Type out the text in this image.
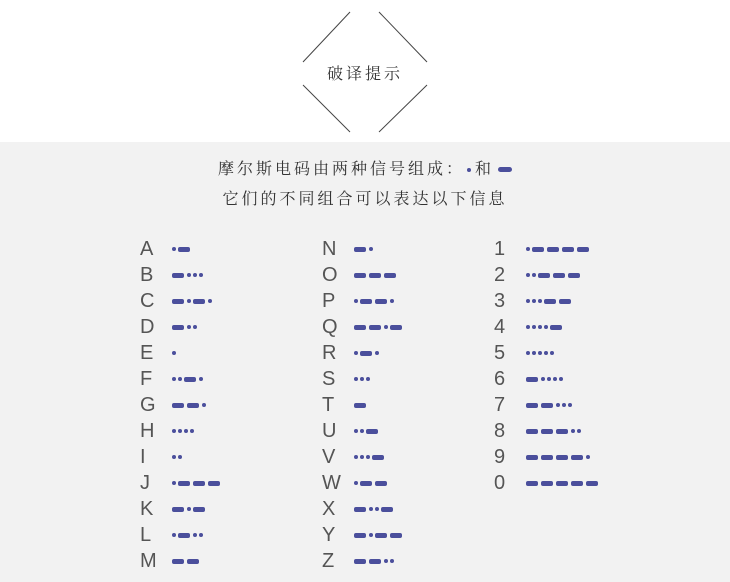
破译提示
摩尔斯电码由两种信号组成： 和
它们的不同组合可以表达以下信息
A
B
C
D
E
F
G
H
I
J
K
L
M
N
O
P
Q
R
S
T
U
V
W
X
Y
Z
1
2
3
4
5
6
7
8
9
0
